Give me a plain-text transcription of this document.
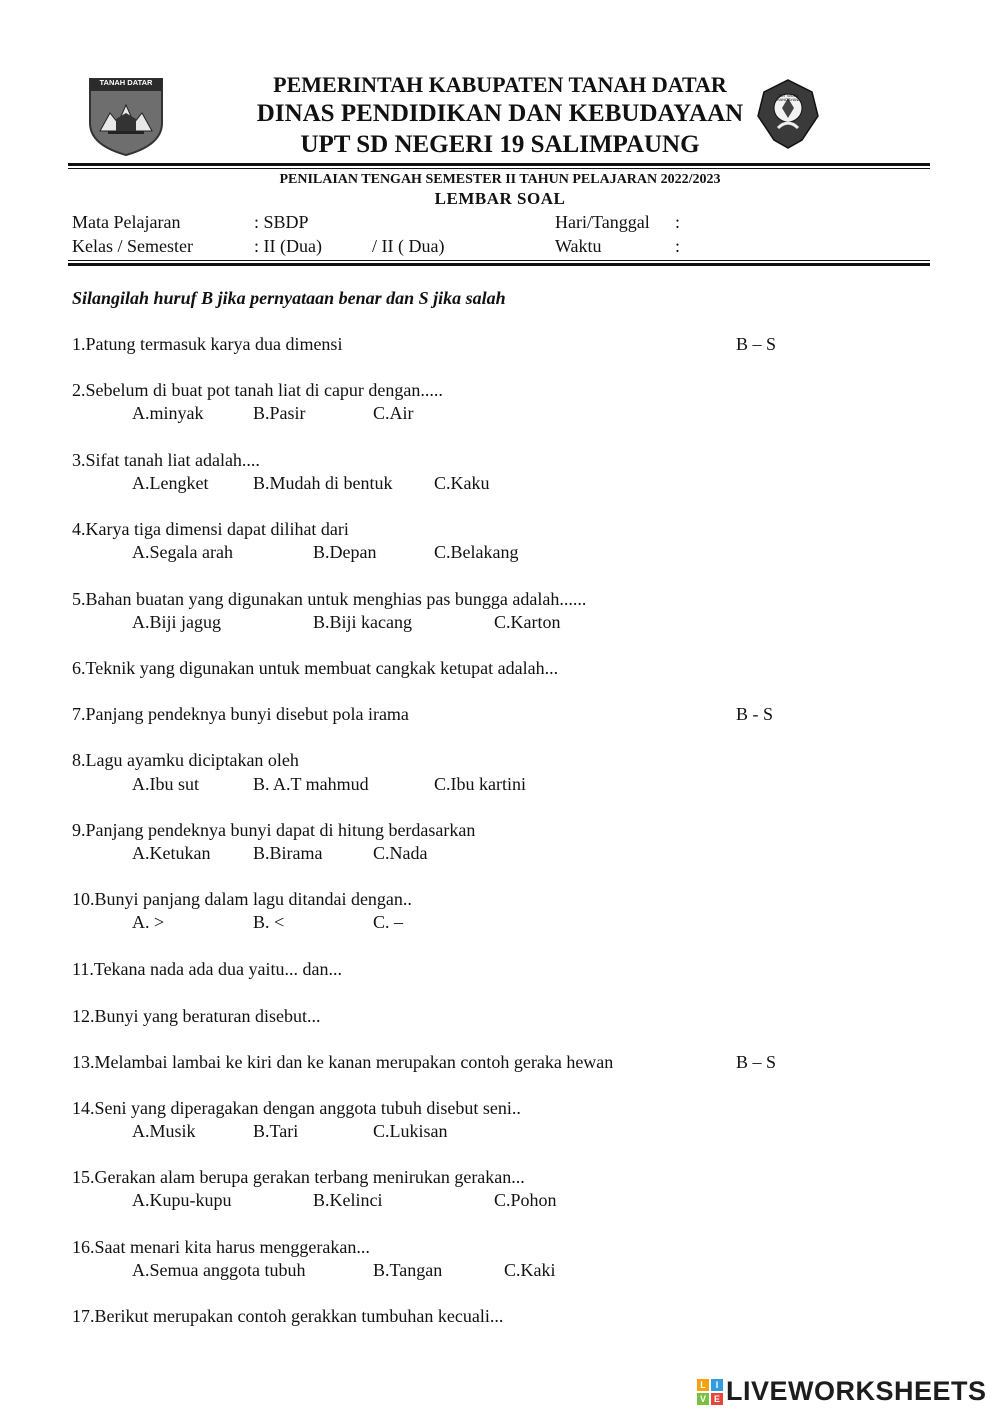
TANAH DATAR
TUT WURI HANDAYANI
PEMERINTAH KABUPATEN TANAH DATAR
DINAS PENDIDIKAN DAN KEBUDAYAAN
UPT SD NEGERI 19 SALIMPAUNG
PENILAIAN TENGAH SEMESTER II TAHUN PELAJARAN 2022/2023
LEMBAR SOAL
Mata Pelajaran	: SBDP	Hari/Tanggal :
Kelas / Semester	: II (Dua)	/ II ( Dua)	Waktu	:
Silangilah huruf B jika pernyataan benar dan S jika salah
1.Patung termasuk karya dua dimensi	B – S
2.Sebelum di buat pot tanah liat di capur dengan.....
A.minyak	B.Pasir	C.Air
3.Sifat tanah liat adalah....
A.Lengket B.Mudah di bentuk C.Kaku
4.Karya tiga dimensi dapat dilihat dari
A.Segala arah	B.Depan	C.Belakang
5.Bahan buatan yang digunakan untuk menghias pas bungga adalah......
A.Biji jagug	B.Biji kacang	C.Karton
6.Teknik yang digunakan untuk membuat cangkak ketupat adalah...
7.Panjang pendeknya bunyi disebut pola irama	B - S
8.Lagu ayamku diciptakan oleh
A.Ibu sut	B. A.T mahmud	C.Ibu kartini
9.Panjang pendeknya bunyi dapat di hitung berdasarkan
A.Ketukan B.Birama	C.Nada
10.Bunyi panjang dalam lagu ditandai dengan..
A. >	B. <	C. –
11.Tekana nada ada dua yaitu... dan...
12.Bunyi yang beraturan disebut...
13.Melambai lambai ke kiri dan ke kanan merupakan contoh geraka hewan	B – S
14.Seni yang diperagakan dengan anggota tubuh disebut seni..
A.Musik	B.Tari	C.Lukisan
15.Gerakan alam berupa gerakan terbang menirukan gerakan...
A.Kupu-kupu	B.Kelinci	C.Pohon
16.Saat menari kita harus menggerakan...
A.Semua anggota tubuh	B.Tangan	C.Kaki
17.Berikut merupakan contoh gerakkan tumbuhan kecuali...
L	I
V E LIVEWORKSHEETS
